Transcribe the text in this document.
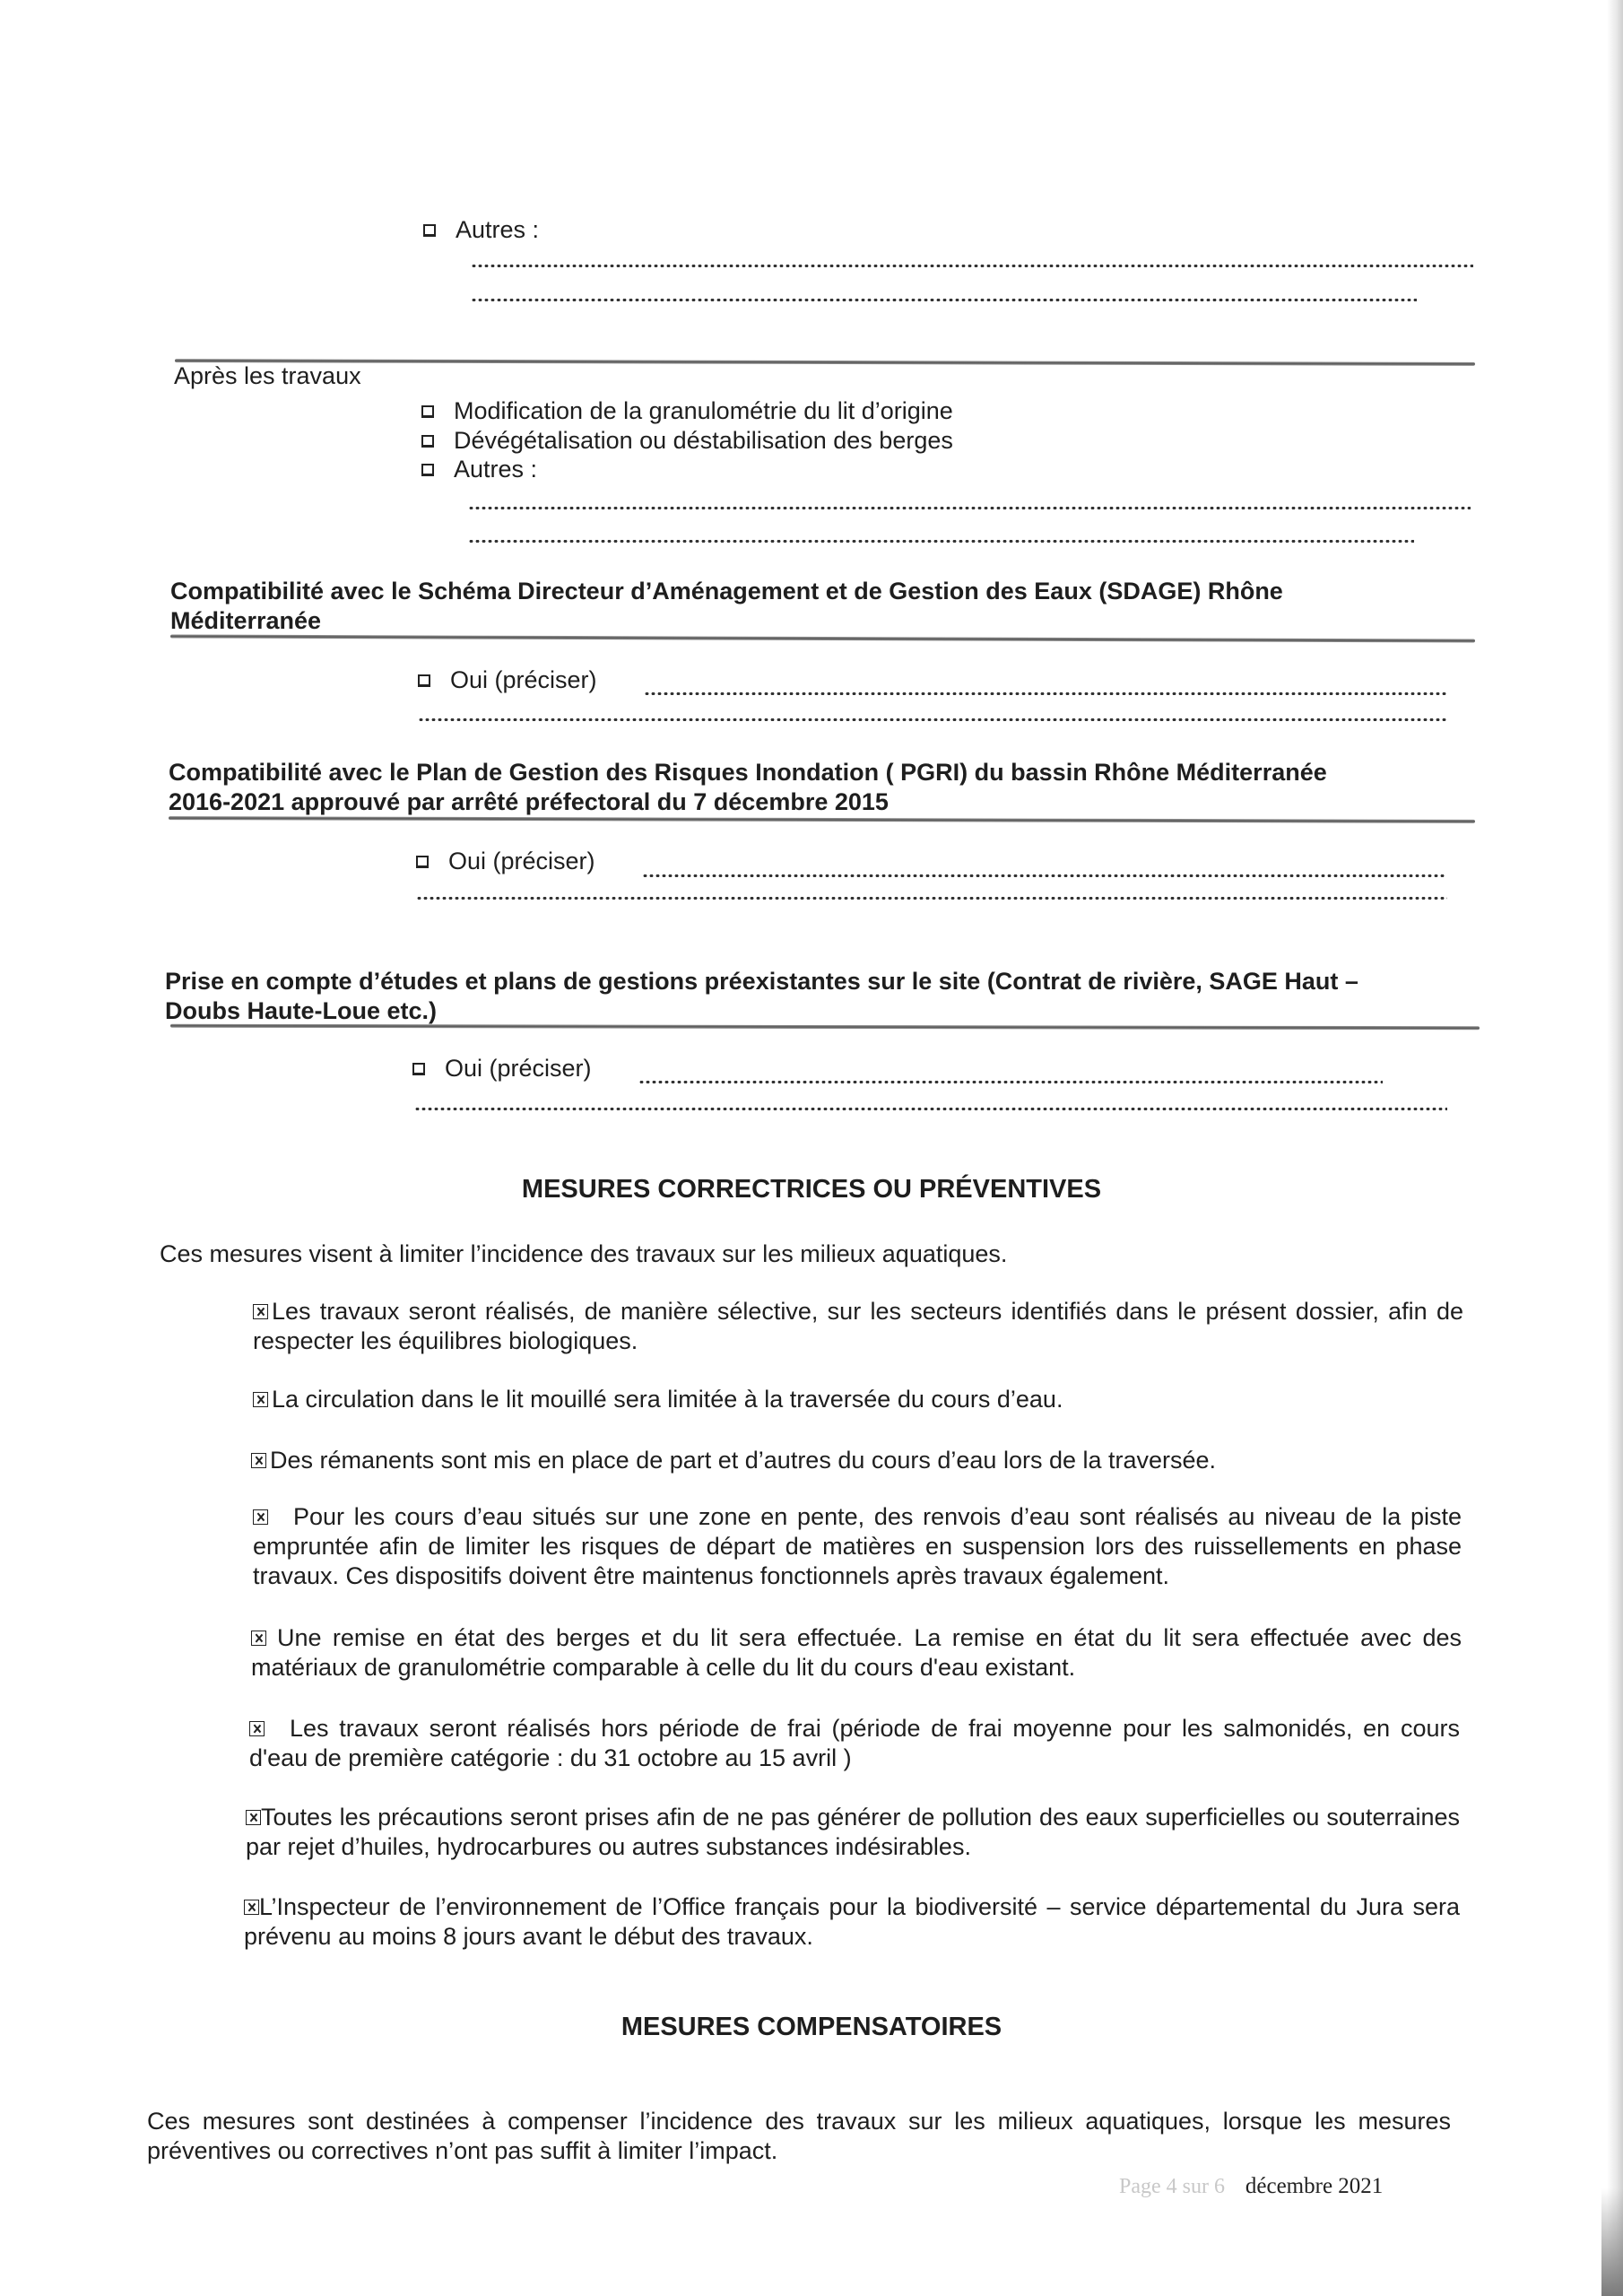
Autres :
Après les travaux
Modification de la granulométrie du lit d’origine
Dévégétalisation ou déstabilisation des berges
Autres :
Compatibilité avec le Schéma Directeur d’Aménagement et de Gestion des Eaux (SDAGE) Rhône
Méditerranée
Oui (préciser)
Compatibilité avec le Plan de Gestion des Risques Inondation ( PGRI) du bassin Rhône Méditerranée
2016-2021 approuvé par arrêté préfectoral du 7 décembre 2015
Oui (préciser)
Prise en compte d’études et plans de gestions préexistantes sur le site (Contrat de rivière, SAGE Haut –
Doubs Haute-Loue etc.)
Oui (préciser)
MESURES CORRECTRICES OU PRÉVENTIVES
Ces mesures visent à limiter l’incidence des travaux sur les milieux aquatiques.
Les travaux seront réalisés, de manière sélective, sur les secteurs identifiés dans le présent dossier, afin de respecter les équilibres biologiques.
La circulation dans le lit mouillé sera limitée à la traversée du cours d’eau.
Des rémanents sont mis en place de part et d’autres du cours d’eau lors de la traversée.
Pour les cours d’eau situés sur une zone en pente, des renvois d’eau sont réalisés au niveau de la piste empruntée afin de limiter les risques de départ de matières en suspension lors des ruissellements en phase travaux. Ces dispositifs doivent être maintenus fonctionnels après travaux également.
Une remise en état des berges et du lit sera effectuée. La remise en état du lit sera effectuée avec des matériaux de granulométrie comparable à celle du lit du cours d'eau existant.
Les travaux seront réalisés hors période de frai (période de frai moyenne pour les salmonidés, en cours d'eau de première catégorie : du 31 octobre au 15 avril )
Toutes les précautions seront prises afin de ne pas générer de pollution des eaux superficielles ou souterraines par rejet d’huiles, hydrocarbures ou autres substances indésirables.
L’Inspecteur de l’environnement de l’Office français pour la biodiversité – service départemental du Jura sera prévenu au moins 8 jours avant le début des travaux.
MESURES COMPENSATOIRES
Ces mesures sont destinées à compenser l’incidence des travaux sur les milieux aquatiques, lorsque les mesures préventives ou correctives n’ont pas suffit à limiter l’impact.
Page 4 sur 6 décembre 2021
